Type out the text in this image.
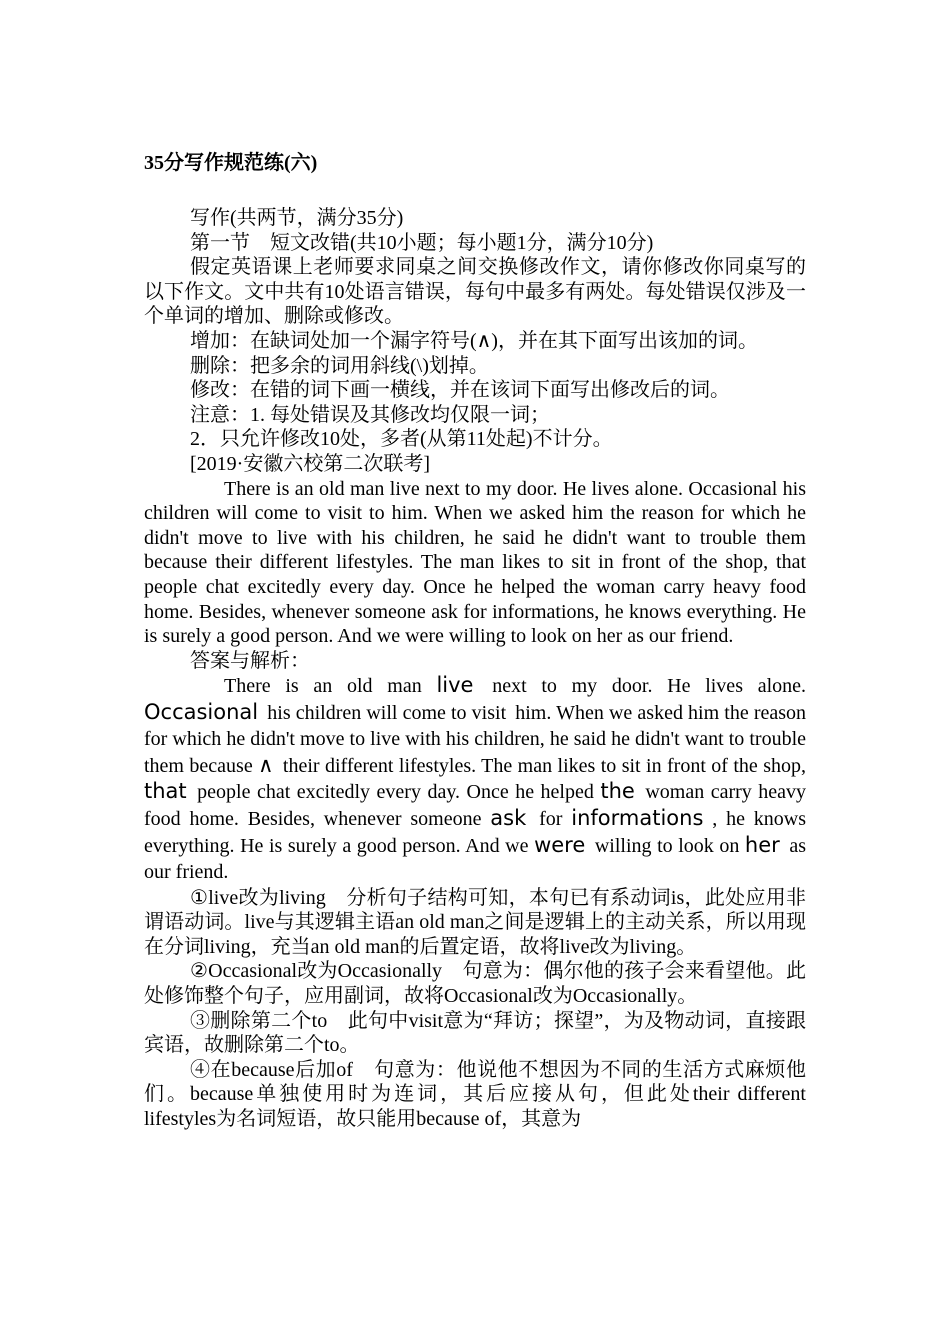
35分写作规范练(六)

写作(共两节，满分35分)

第一节　短文改错(共10小题；每小题1分，满分10分)

假定英语课上老师要求同桌之间交换修改作文，请你修改你同桌写的以下作文。文中共有10处语言错误，每句中最多有两处。每处错误仅涉及一个单词的增加、删除或修改。

增加：在缺词处加一个漏字符号(∧)，并在其下面写出该加的词。

删除：把多余的词用斜线(\)划掉。

修改：在错的词下画一横线，并在该词下面写出修改后的词。

注意：1. 每处错误及其修改均仅限一词；

2．只允许修改10处，多者(从第11处起)不计分。

[2019·安徽六校第二次联考]

There is an old man live next to my door. He lives alone. Occasional his children will come to visit to him. When we asked him the reason for which he didn't move to live with his children, he said he didn't want to trouble them because their different lifestyles. The man likes to sit in front of the shop, that people chat excitedly every day. Once he helped the woman carry heavy food home. Besides, whenever someone ask for informations, he knows everything. He is surely a good person. And we were willing to look on her as our friend.

答案与解析：

There is an old man live next to my door. He lives alone. Occasional his children will come to visit him. When we asked him the reason for which he didn't move to live with his children, he said he didn't want to trouble them because ∧ their different lifestyles. The man likes to sit in front of the shop, that people chat excitedly every day. Once he helped the woman carry heavy food home. Besides, whenever someone ask for informations , he knows everything. He is surely a good person. And we were willing to look on her as our friend.

①live改为living　分析句子结构可知，本句已有系动词is，此处应用非谓语动词。live与其逻辑主语an old man之间是逻辑上的主动关系，所以用现在分词living，充当an old man的后置定语，故将live改为living。

②Occasional改为Occasionally　句意为：偶尔他的孩子会来看望他。此处修饰整个句子，应用副词，故将Occasional改为Occasionally。

③删除第二个to　此句中visit意为“拜访；探望”，为及物动词，直接跟宾语，故删除第二个to。

④在because后加of　句意为：他说他不想因为不同的生活方式麻烦他们。because单独使用时为连词，其后应接从句，但此处their different lifestyles为名词短语，故只能用because of，其意为
